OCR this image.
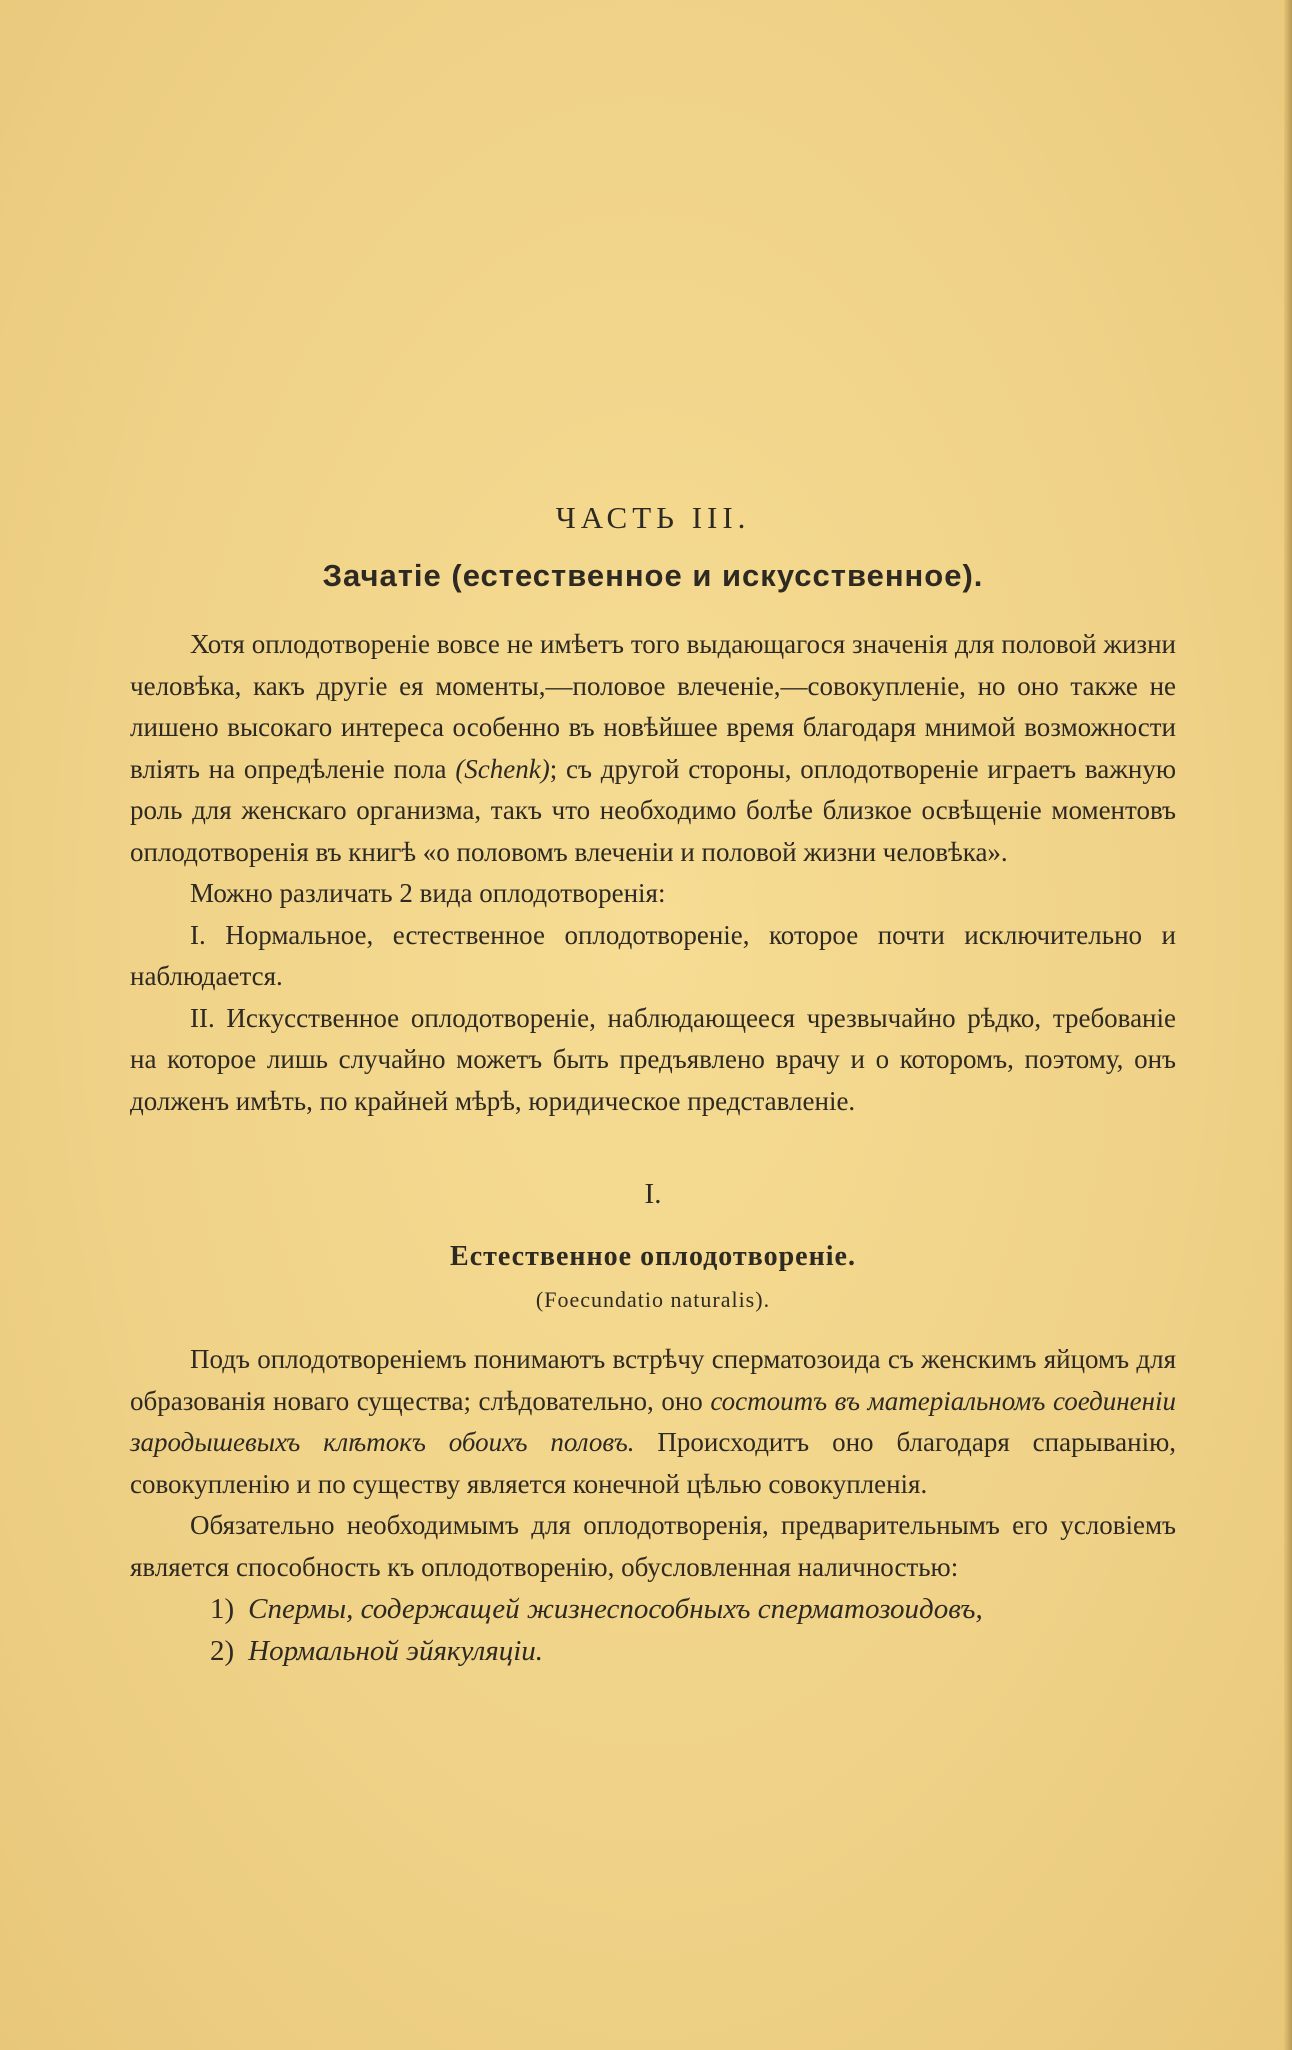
ЧАСТЬ III.
Зачатіе (естественное и искусственное).

Хотя оплодотвореніе вовсе не имѣетъ того выдающагося значенія для половой жизни человѣка, какъ другіе ея моменты,—половое влеченіе,—совокупленіе, но оно также не лишено высокаго интереса особенно въ новѣйшее время благодаря мнимой возможности вліять на опредѣленіе пола (Schenk); съ другой стороны, оплодотвореніе играетъ важную роль для женскаго организма, такъ что необходимо болѣе близкое освѣщеніе моментовъ оплодотворенія въ книгѣ «о половомъ влеченіи и половой жизни человѣка».

Можно различать 2 вида оплодотворенія:

I. Нормальное, естественное оплодотвореніе, которое почти исключительно и наблюдается.

II. Искусственное оплодотвореніе, наблюдающееся чрезвычайно рѣдко, требованіе на которое лишь случайно можетъ быть предъявлено врачу и о которомъ, поэтому, онъ долженъ имѣть, по крайней мѣрѣ, юридическое представленіе.

I.
Естественное оплодотвореніе.
(Foecundatio naturalis).

Подъ оплодотвореніемъ понимаютъ встрѣчу сперматозоида съ женскимъ яйцомъ для образованія новаго существа; слѣдовательно, оно состоитъ въ матеріальномъ соединеніи зародышевыхъ клѣтокъ обоихъ половъ. Происходитъ оно благодаря спарыванію, совокупленію и по существу является конечной цѣлью совокупленія.

Обязательно необходимымъ для оплодотворенія, предварительнымъ его условіемъ является способность къ оплодотворенію, обусловленная наличностью:

1) Спермы, содержащей жизнеспособныхъ сперматозоидовъ,
2) Нормальной эйякуляціи.
